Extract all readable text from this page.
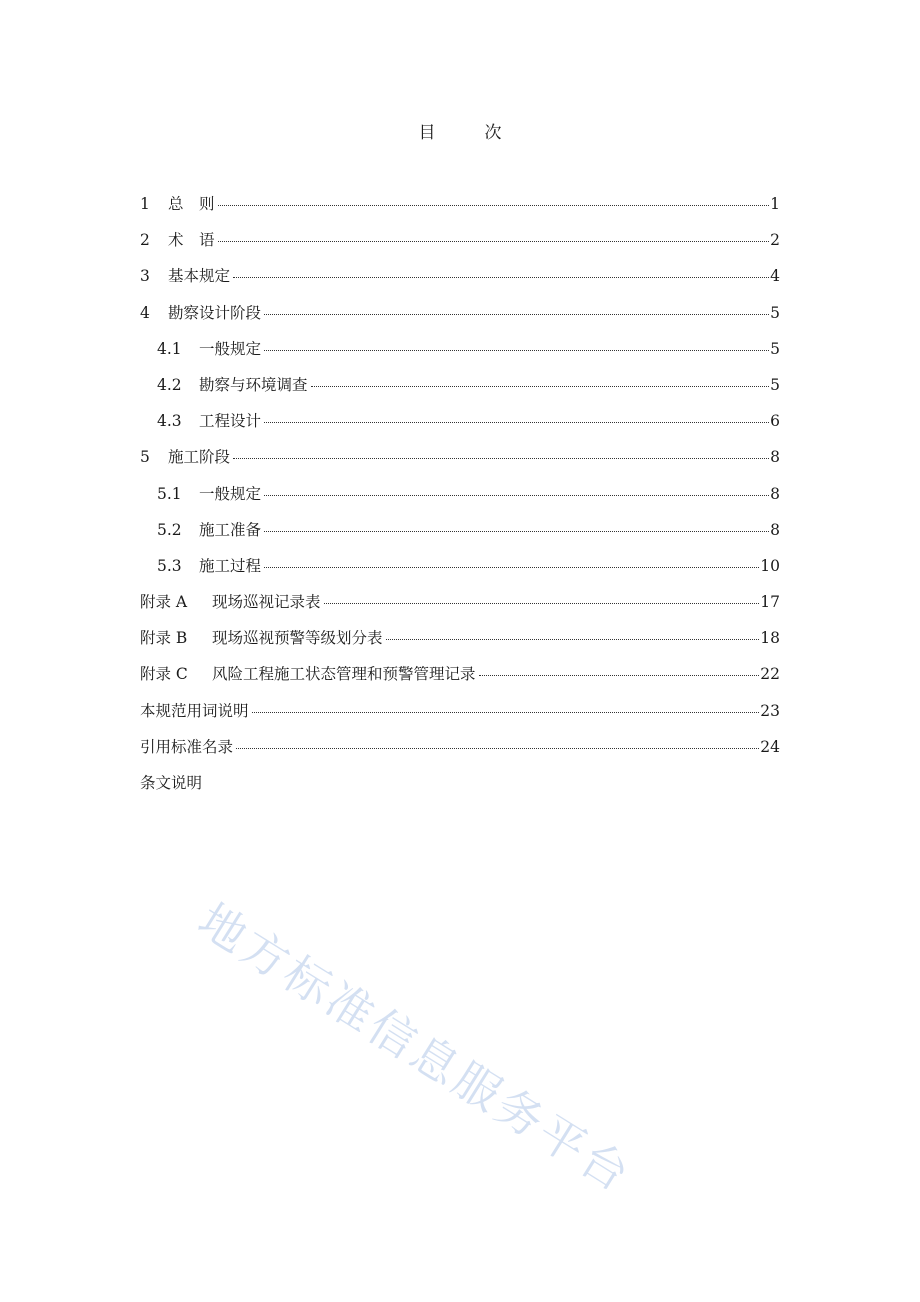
目　次
1	总　则	1
2	术　语	2
3	基本规定	4
4	勘察设计阶段	5
4.1	一般规定	5
4.2	勘察与环境调查	5
4.3	工程设计	6
5	施工阶段	8
5.1	一般规定	8
5.2	施工准备	8
5.3	施工过程	10
附录 A	现场巡视记录表	17
附录 B	现场巡视预警等级划分表	18
附录 C	风险工程施工状态管理和预警管理记录	22
本规范用词说明	23
引用标准名录	24
条文说明
地方标准信息服务平台
